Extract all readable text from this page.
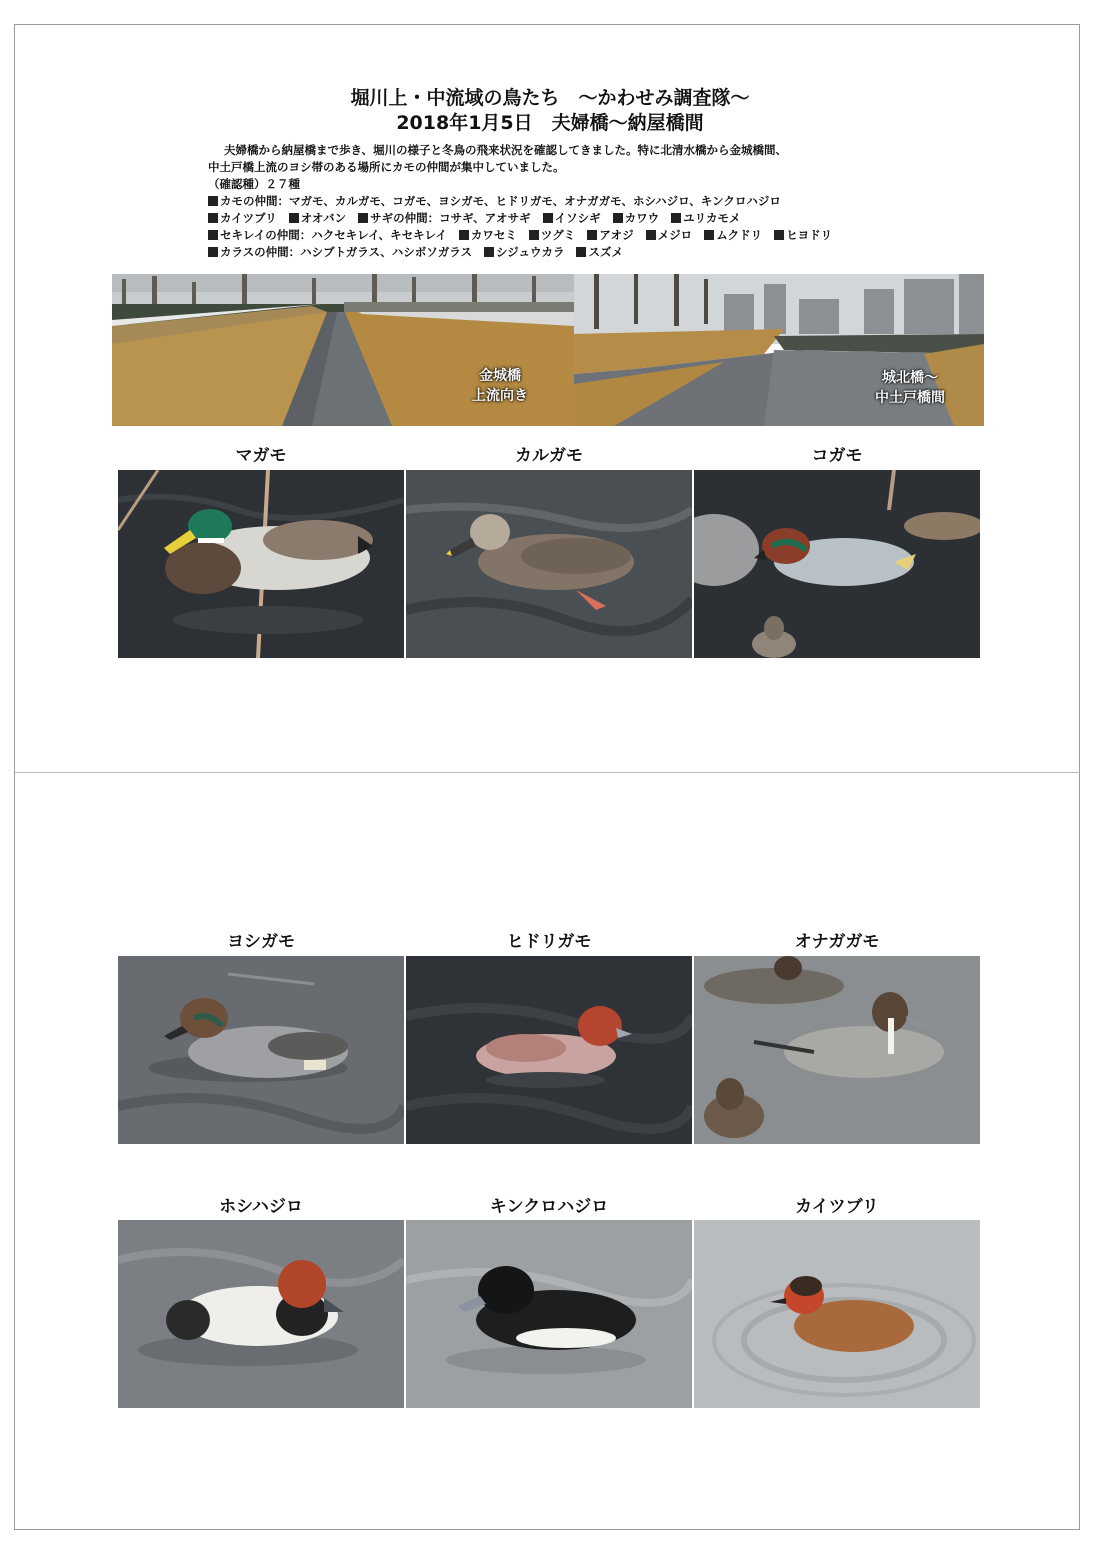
堀川上・中流域の鳥たち　～かわせみ調査隊～
2018年1月5日　夫婦橋～納屋橋間

夫婦橋から納屋橋まで歩き、堀川の様子と冬鳥の飛来状況を確認してきました。特に北清水橋から金城橋間、

中土戸橋上流のヨシ帯のある場所にカモの仲間が集中していました。

（確認種）２７種

カモの仲間：マガモ、カルガモ、コガモ、ヨシガモ、ヒドリガモ、オナガガモ、ホシハジロ、キンクロハジロ
カイツブリ オオバン サギの仲間：コサギ、アオサギ イソシギ カワウ ユリカモメ
セキレイの仲間：ハクセキレイ、キセキレイ カワセミ ツグミ アオジ メジロ ムクドリ ヒヨドリ
カラスの仲間：ハシブトガラス、ハシボソガラス シジュウカラ スズメ
金城橋
上流向き
城北橋～
中土戸橋間
マガモ	カルガモ	コガモ
ヨシガモ	ヒドリガモ	オナガガモ
ホシハジロ	キンクロハジロ	カイツブリ
